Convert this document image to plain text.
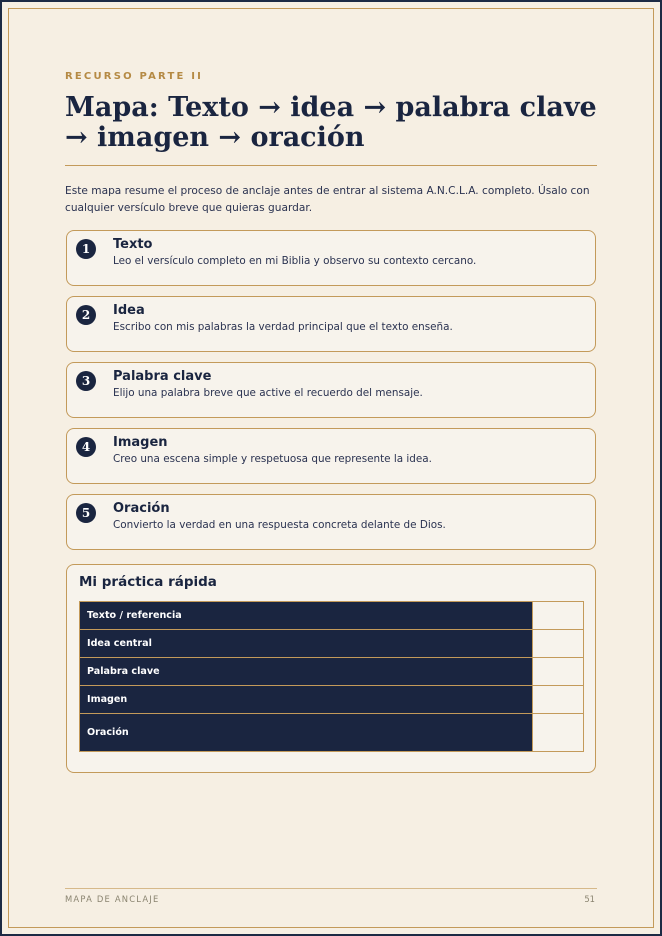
RECURSO PARTE II
Mapa: Texto → idea → palabra clave → imagen → oración
Este mapa resume el proceso de anclaje antes de entrar al sistema A.N.C.L.A. completo. Úsalo con cualquier versículo breve que quieras guardar.
1	Texto
Leo el versículo completo en mi Biblia y observo su contexto cercano.
2	Idea
Escribo con mis palabras la verdad principal que el texto enseña.
3	Palabra clave
Elijo una palabra breve que active el recuerdo del mensaje.
4	Imagen
Creo una escena simple y respetuosa que represente la idea.
5	Oración
Convierto la verdad en una respuesta concreta delante de Dios.
Mi práctica rápida
Texto / referencia	
Idea central	
Palabra clave	
Imagen	
Oración	
MAPA DE ANCLAJE	51
